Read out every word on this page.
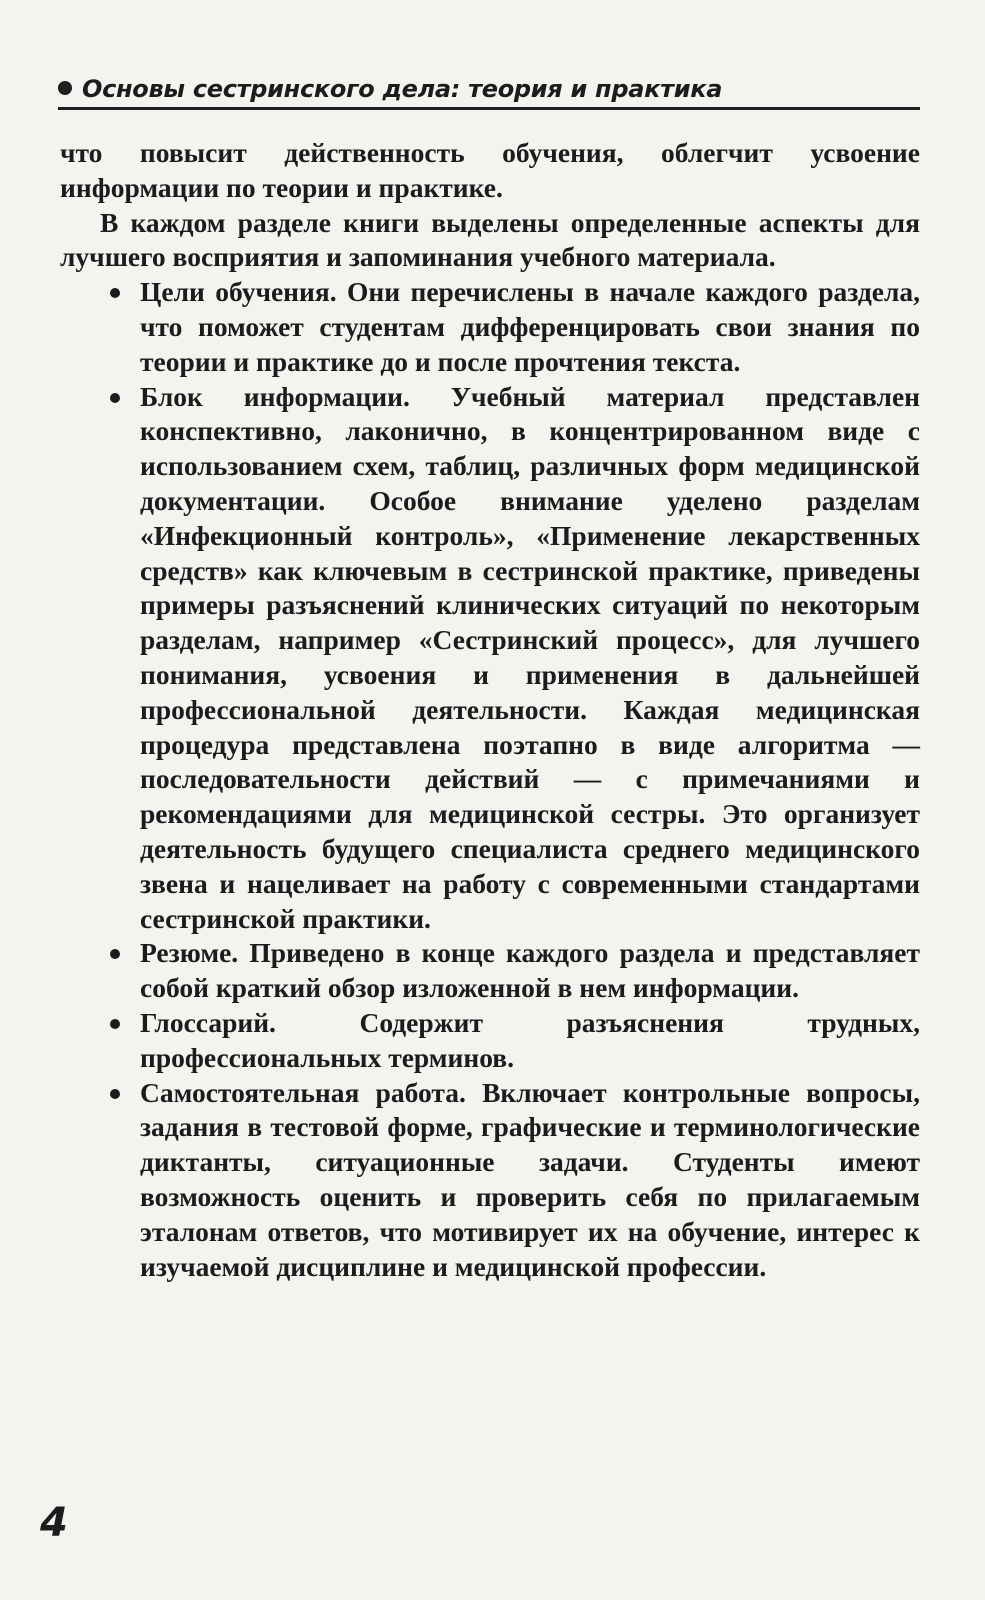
Основы сестринского дела: теория и практика

что повысит действенность обучения, облегчит усвоение информации по теории и практике.

В каждом разделе книги выделены определенные аспекты для лучшего восприятия и запоминания учебного материала.

Цели обучения. Они перечислены в начале каждого раздела, что поможет студентам дифференцировать свои знания по теории и практике до и после прочтения текста.
Блок информации. Учебный материал представлен конспективно, лаконично, в концентрированном виде с использованием схем, таблиц, различных форм медицинской документации. Особое внимание уделено разделам «Инфекционный контроль», «Применение лекарственных средств» как ключевым в сестринской практике, приведены примеры разъяснений клинических ситуаций по некоторым разделам, например «Сестринский процесс», для лучшего понимания, усвоения и применения в дальнейшей профессиональной деятельности. Каждая медицинская процедура представлена поэтапно в виде алгоритма — последовательности действий — с примечаниями и рекомендациями для медицинской сестры. Это организует деятельность будущего специалиста среднего медицинского звена и нацеливает на работу с современными стандартами сестринской практики.
Резюме. Приведено в конце каждого раздела и представляет собой краткий обзор изложенной в нем информации.
Глоссарий.	Содержит разъяснения трудных, профессиональных терминов.
Самостоятельная работа. Включает контрольные вопросы, задания в тестовой форме, графические и терминологические диктанты, ситуационные задачи. Студенты имеют возможность оценить и проверить себя по прилагаемым эталонам ответов, что мотивирует их на обучение, интерес к изучаемой дисциплине и медицинской профессии.
4
